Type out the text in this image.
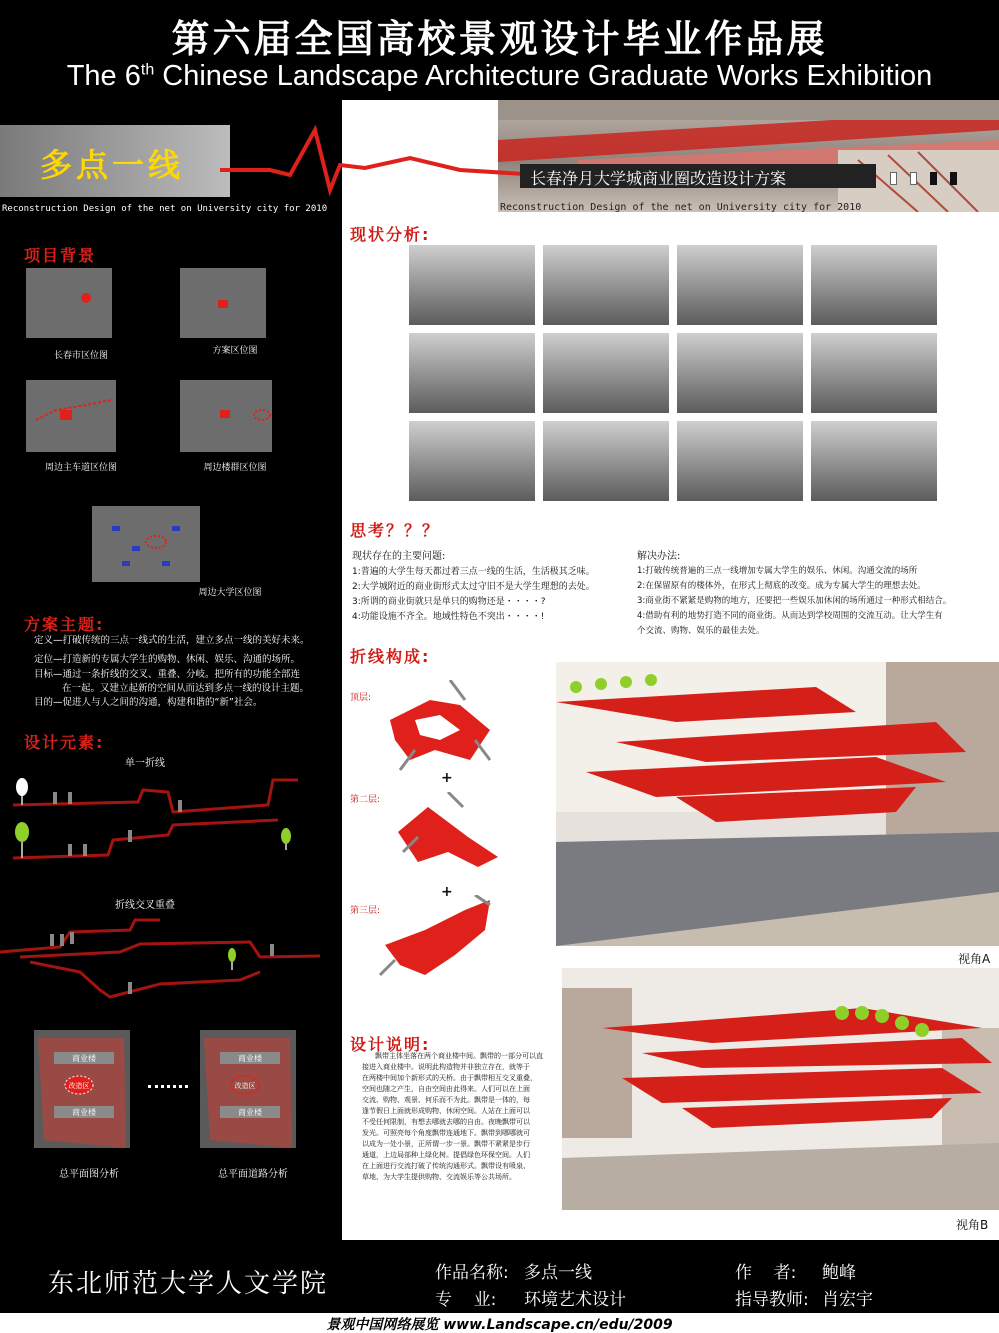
第六届全国高校景观设计毕业作品展
The 6th Chinese Landscape Architecture Graduate Works Exhibition
多点一线
Reconstruction Design of the net on University city for 2010
长春净月大学城商业圈改造设计方案
Reconstruction Design of the net on University city for 2010
项目背景
长春市区位图	方案区位图
周边主车道区位图	周边楼群区位图
周边大学区位图
方案主题:
定义—打破传统的三点一线式的生活，建立多点一线的美好未来。
定位—打造新的专属大学生的购物、休闲、娱乐、沟通的场所。
目标—通过一条折线的交叉、重叠、分岐。把所有的功能全部连
在一起。又建立起新的空间从而达到多点一线的设计主题。
目的—促进人与人之间的沟通，构建和谐的“新”社会。
设计元素:
单一折线
折线交叉重叠
商业楼
商业楼
改造区
商业楼
商业楼
改造区
总平面图分析	总平面道路分析
现状分析:
思考？？？
现状存在的主要问题:
1:普遍的大学生每天都过着三点一线的生活，生活极其乏味。
2:大学城附近的商业街形式太过守旧不是大学生理想的去处。
3:所谓的商业街就只是单只的购物还是・・・・?
4:功能设施不齐全。地域性特色不突出・・・・!
解决办法:
1:打破传统普遍的三点一线增加专属大学生的娱乐、休闲。沟通交流的场所
2:在保留原有的楼体外，在形式上彻底的改变。成为专属大学生的理想去处。
3:商业街不紧紧是购物的地方，还要把一些娱乐加休闲的场所通过一种形式相结合。
4:借助有利的地势打造不同的商业街。从而达到学校周围的交流互动。让大学生有
个交流、购物、娱乐的最佳去处。
折线构成:
顶层:
第二层:
第三层:
+
+
视角A
设计说明:
飘带主体坐落在两个商业楼中间。飘带的一部分可以直
接进入商业楼中。说明此构造物并非独立存在，就等于
在两楼中间加个新形式的天桥。由于飘带相互交叉重叠，
空间也随之产生，自由空间由此得来。人们可以在上面
交流、购物、观景、何乐而不为此。飘带是一体的，每
逢节假日上面就形成购物、休闲空间。人站在上面可以
不受任何限制，有想去哪就去哪的自由。夜晚飘带可以
发光。可照亮每个角度飘带连通地下。飘带到哪哪就可
以成为一处小景，正所谓一步一景。飘带不紧紧是步行
通道，上边局部种上绿化树。提倡绿色环保空间。人们
在上面进行交流打破了传统沟通形式。飘带设有喷泉、
草地、为大学生提供购物、交流娱乐等公共场所。
视角B
东北师范大学人文学院	作品名称: 多点一线
专    业: 环境艺术设计
作    者: 鲍峰
指导教师: 肖宏宇
景观中国网络展览 www.Landscape.cn/edu/2009
